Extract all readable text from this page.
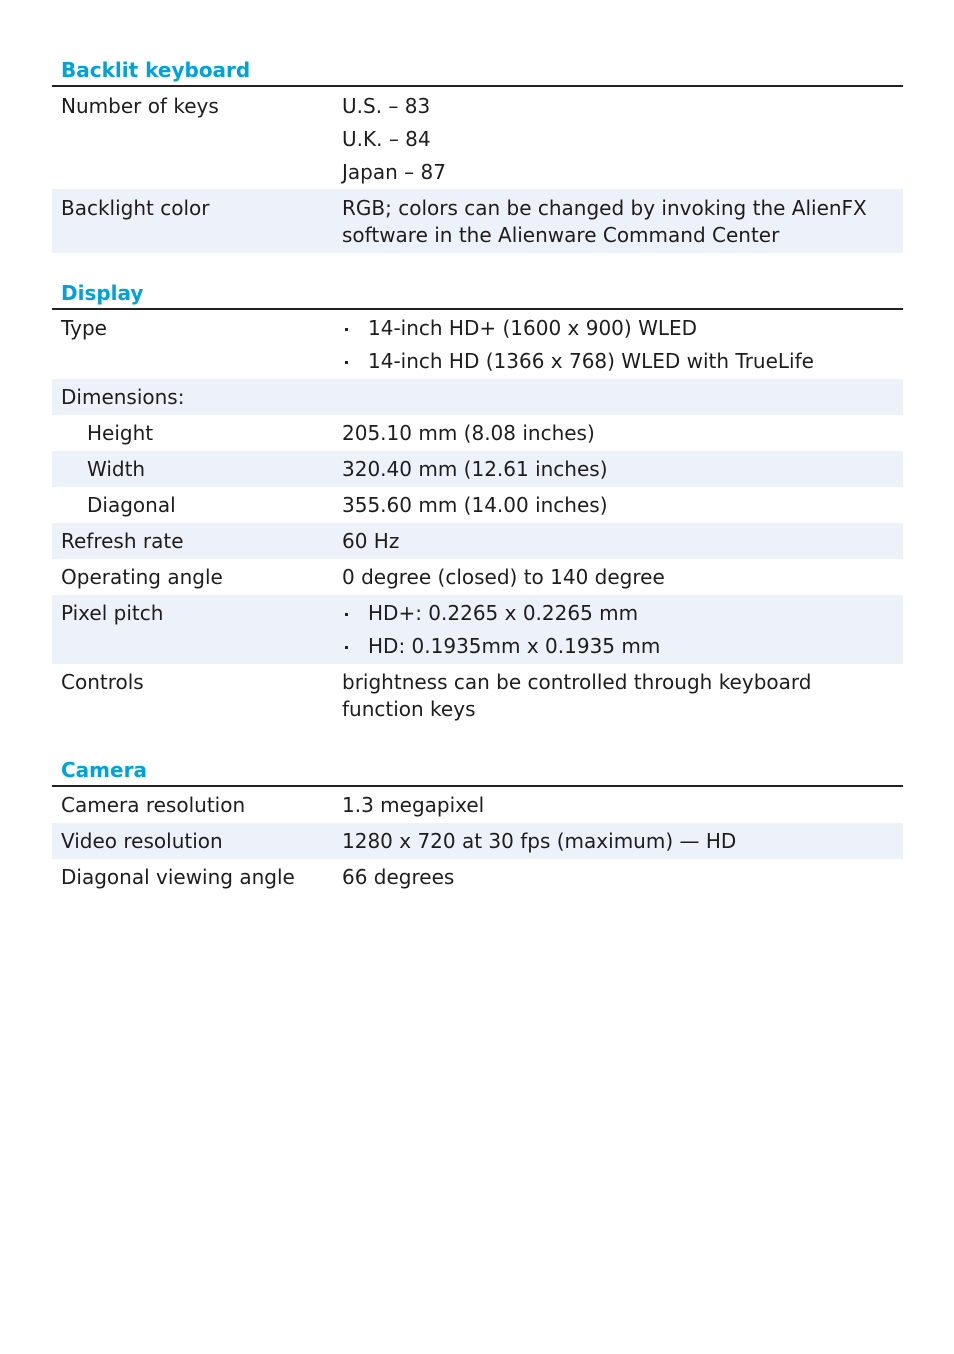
Backlit keyboard
Number of keys	U.S. – 83
U.K. – 84
Japan – 87
Backlight color	RGB; colors can be changed by invoking the AlienFX
software in the Alienware Command Center
Display
Type	14-inch HD+ (1600 x 900) WLED
14-inch HD (1366 x 768) WLED with TrueLife
Dimensions:
Height	205.10 mm (8.08 inches)
Width	320.40 mm (12.61 inches)
Diagonal	355.60 mm (14.00 inches)
Refresh rate	60 Hz
Operating angle	0 degree (closed) to 140 degree
Pixel pitch	HD+: 0.2265 x 0.2265 mm
HD: 0.1935mm x 0.1935 mm
Controls	brightness can be controlled through keyboard
function keys
Camera
Camera resolution	1.3 megapixel
Video resolution	1280 x 720 at 30 fps (maximum) — HD
Diagonal viewing angle	66 degrees
